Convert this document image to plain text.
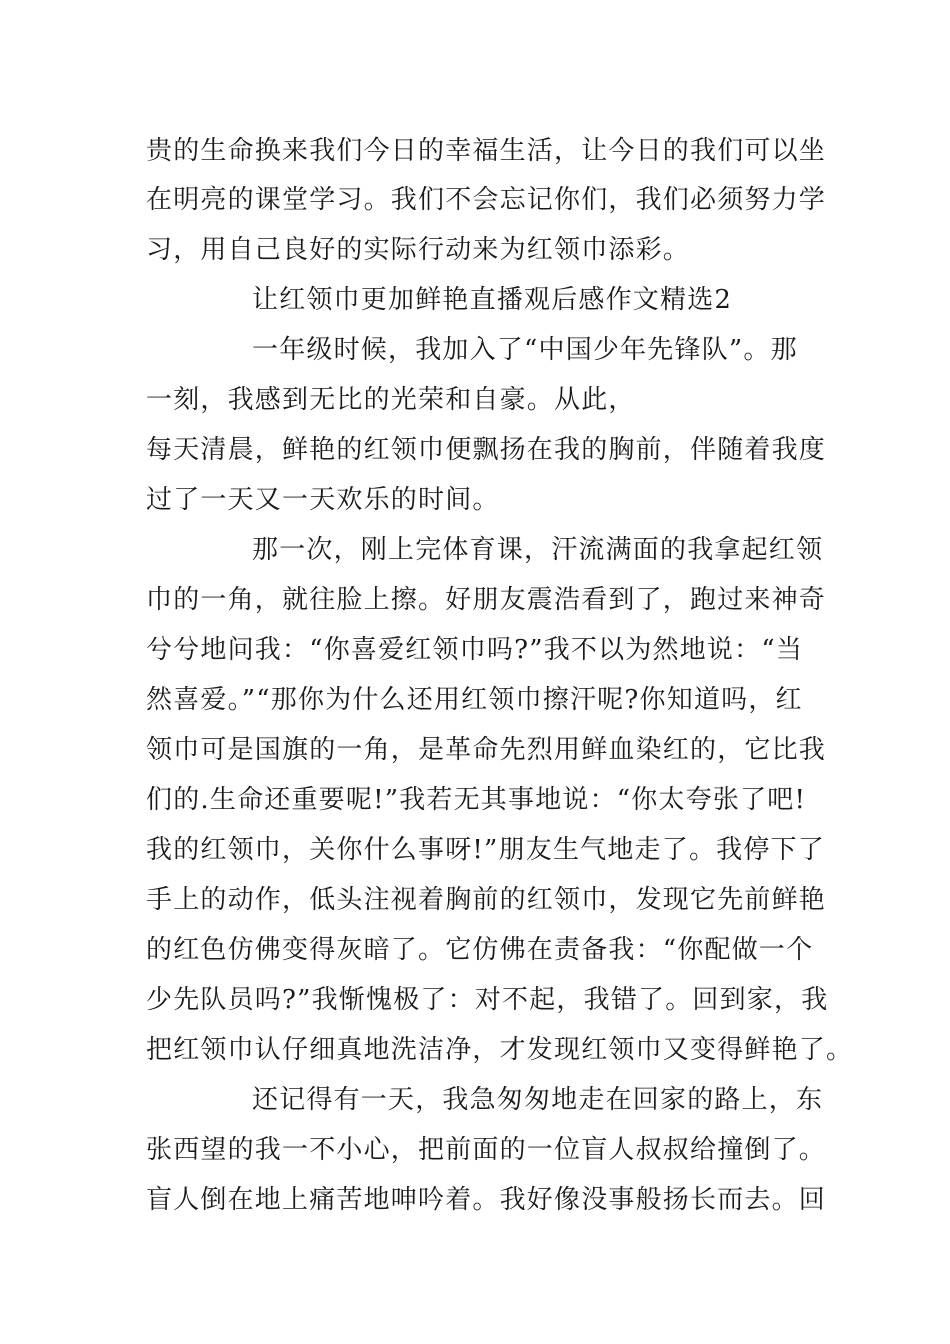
贵的生命换来我们今日的幸福生活，让今日的我们可以坐
在明亮的课堂学习。我们不会忘记你们，我们必须努力学
习，用自己良好的实际行动来为红领巾添彩。
让红领巾更加鲜艳直播观后感作文精选2
一年级时候，我加入了“中国少年先锋队”。那
一刻，我感到无比的光荣和自豪。从此，
每天清晨，鲜艳的红领巾便飘扬在我的胸前，伴随着我度
过了一天又一天欢乐的时间。
那一次，刚上完体育课，汗流满面的我拿起红领
巾的一角，就往脸上擦。好朋友震浩看到了，跑过来神奇
兮兮地问我：“你喜爱红领巾吗?”我不以为然地说：“当
然喜爱。”“那你为什么还用红领巾擦汗呢?你知道吗，红
领巾可是国旗的一角，是革命先烈用鲜血染红的，它比我
们的.生命还重要呢!”我若无其事地说：“你太夸张了吧!
我的红领巾，关你什么事呀!”朋友生气地走了。我停下了
手上的动作，低头注视着胸前的红领巾，发现它先前鲜艳
的红色仿佛变得灰暗了。它仿佛在责备我：“你配做一个
少先队员吗?”我惭愧极了：对不起，我错了。回到家，我
把红领巾认仔细真地洗洁净，才发现红领巾又变得鲜艳了。
还记得有一天，我急匆匆地走在回家的路上，东
张西望的我一不小心，把前面的一位盲人叔叔给撞倒了。
盲人倒在地上痛苦地呻吟着。我好像没事般扬长而去。回
